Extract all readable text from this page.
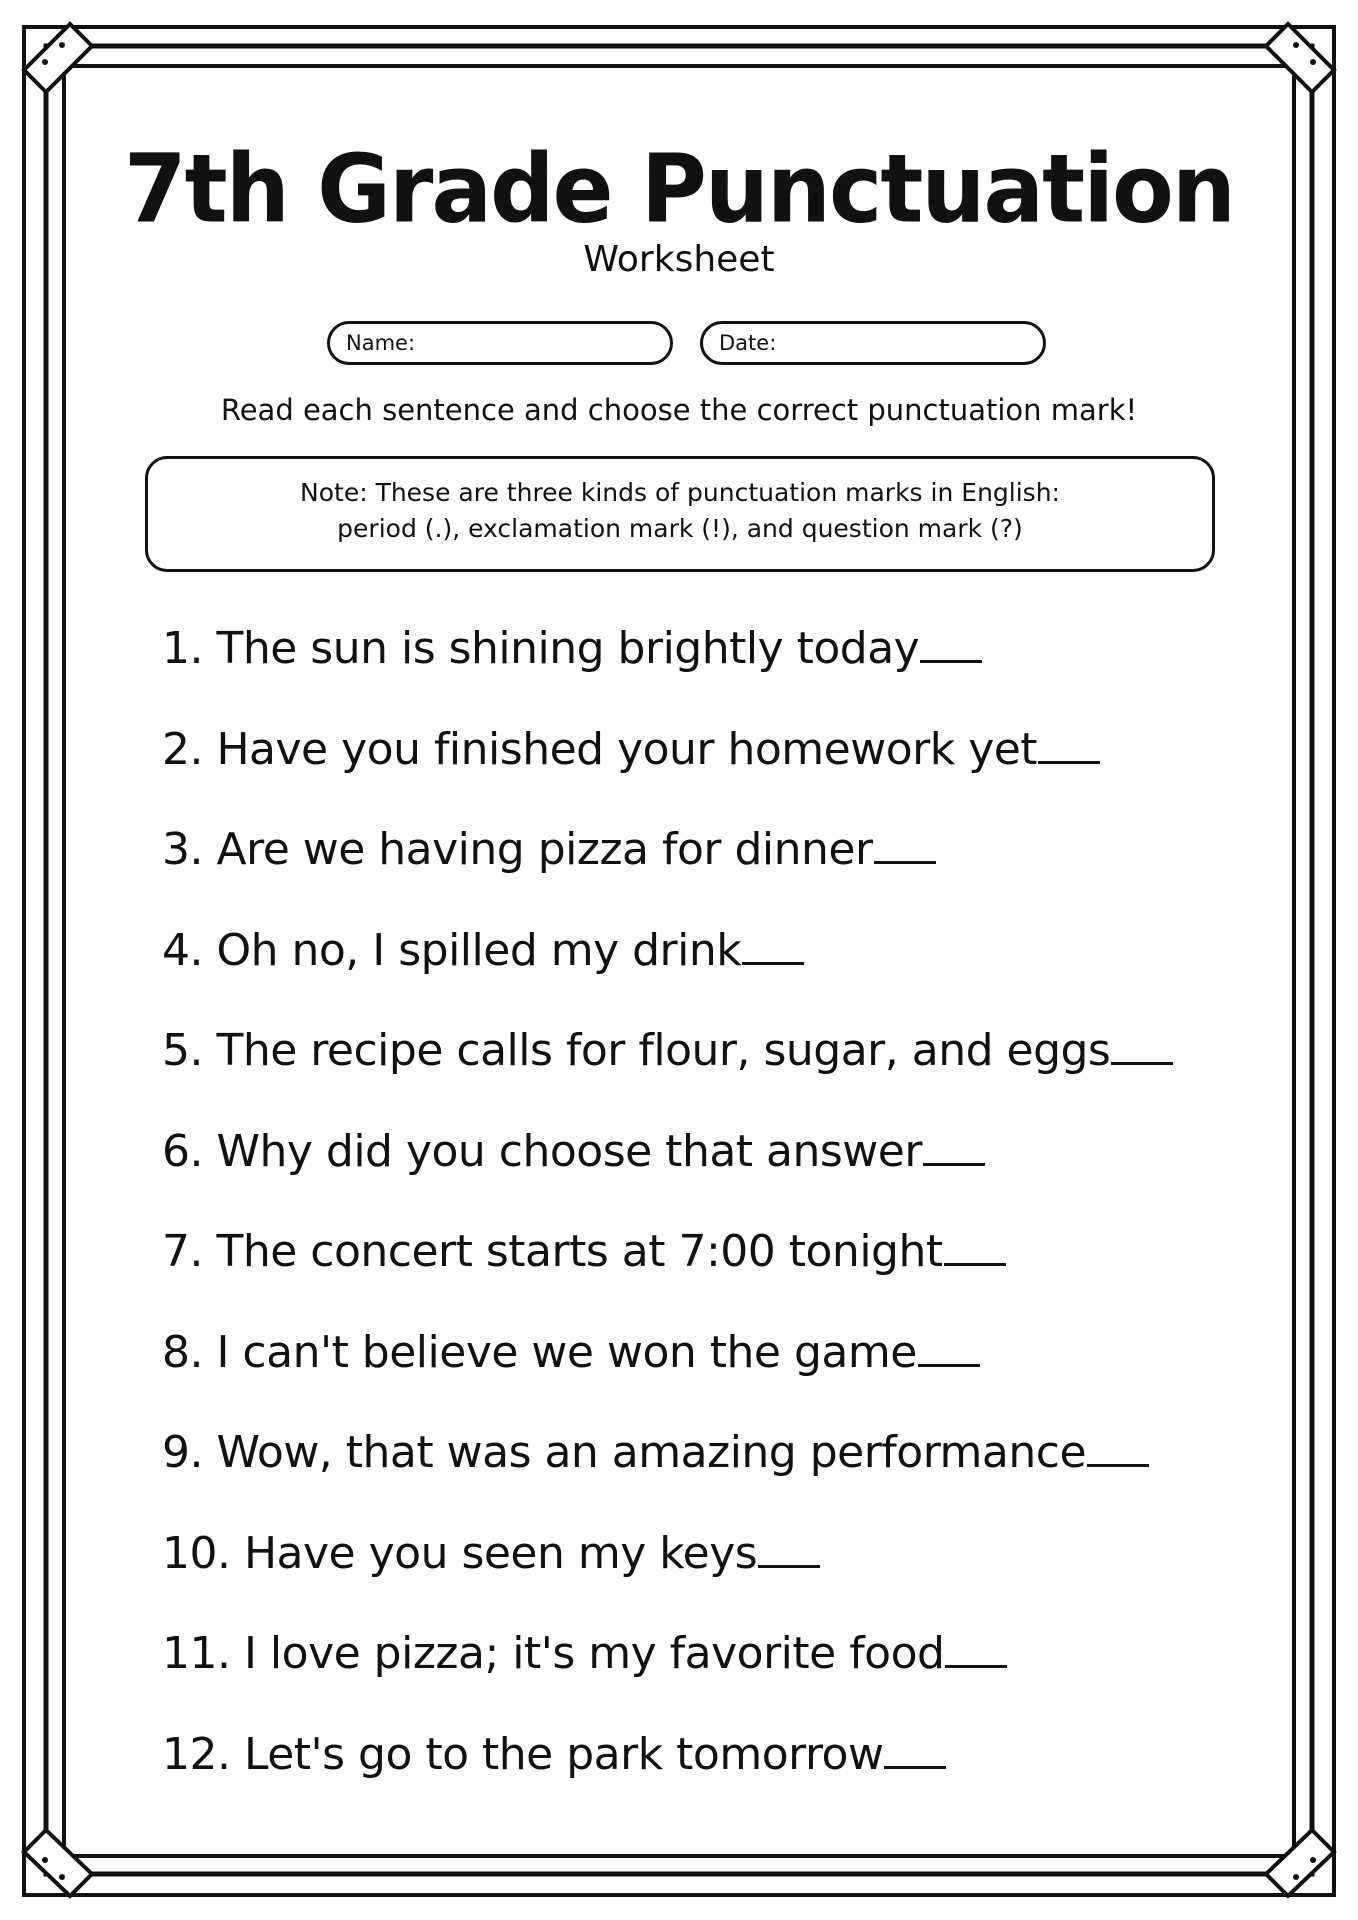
7th Grade Punctuation
Worksheet
Name:	Date:
Read each sentence and choose the correct punctuation mark!
Note: These are three kinds of punctuation marks in English:
period (.), exclamation mark (!), and question mark (?)
1. The sun is shining brightly today
2. Have you finished your homework yet
3. Are we having pizza for dinner
4. Oh no, I spilled my drink
5. The recipe calls for flour, sugar, and eggs
6. Why did you choose that answer
7. The concert starts at 7:00 tonight
8. I can't believe we won the game
9. Wow, that was an amazing performance
10. Have you seen my keys
11. I love pizza; it's my favorite food
12. Let's go to the park tomorrow
